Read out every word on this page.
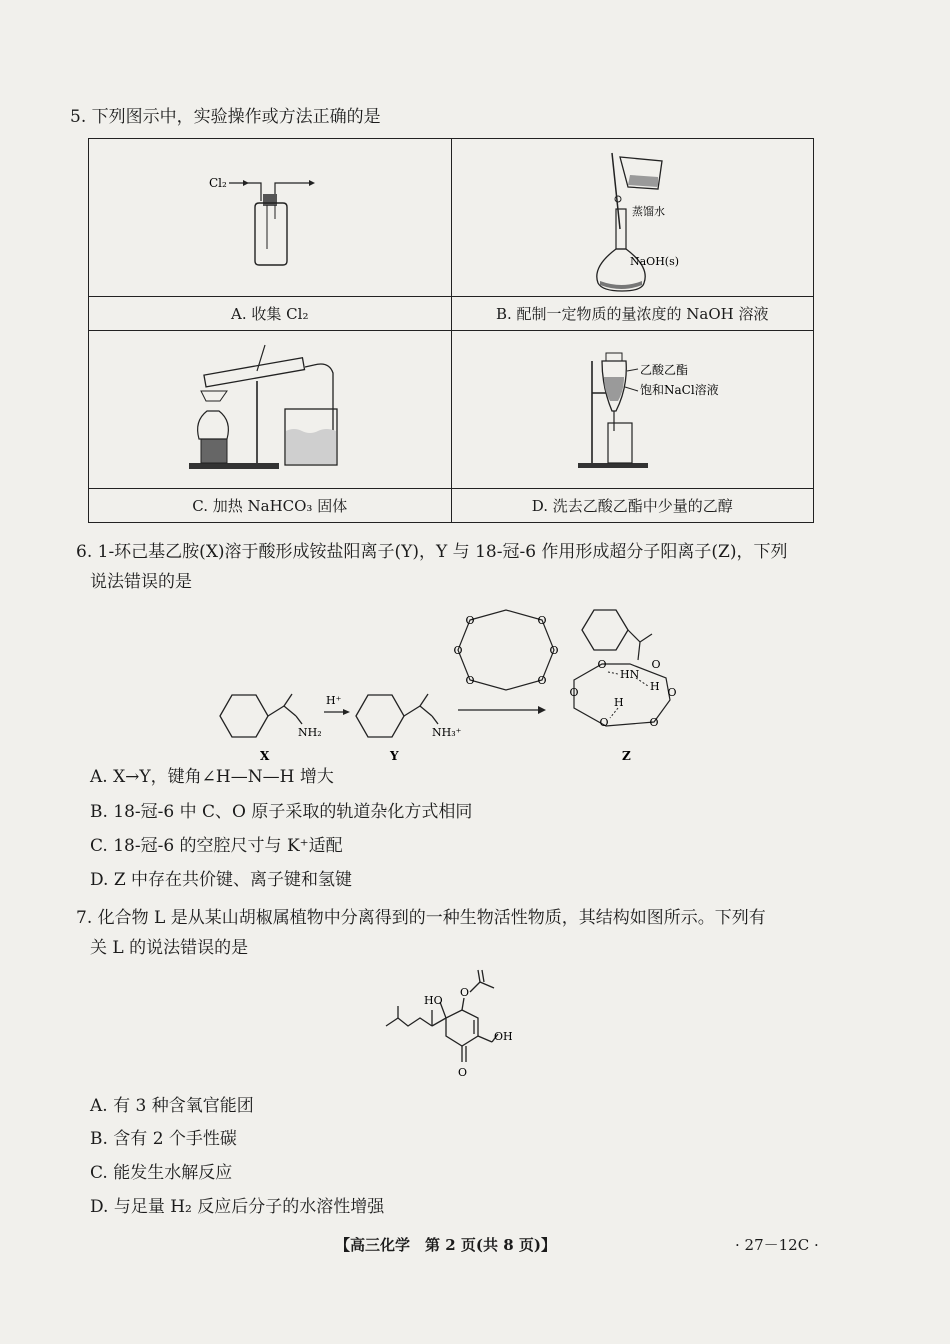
5. 下列图示中，实验操作或方法正确的是
Cl₂	蒸馏水
NaOH(s)

A. 收集 Cl₂	B. 配制一定物质的量浓度的 NaOH 溶液

乙酸乙酯
饱和NaCl溶液

C. 加热 NaHCO₃ 固体	D. 洗去乙酸乙酯中少量的乙醇
6. 1-环己基乙胺(X)溶于酸形成铵盐阳离子(Y)，Y 与 18-冠-6 作用形成超分子阳离子(Z)，下列
说法错误的是
NH₂
X
H⁺
NH₃⁺
Y
O	O
O
O
O
O
O	O
O
O
O
O
HN
H
H
Z
A. X→Y，键角∠H—N—H 增大
B. 18-冠-6 中 C、O 原子采取的轨道杂化方式相同
C. 18-冠-6 的空腔尺寸与 K⁺适配
D. Z 中存在共价键、离子键和氢键
7. 化合物 L 是从某山胡椒属植物中分离得到的一种生物活性物质，其结构如图所示。下列有
关 L 的说法错误的是
HO
O
OH
O
A. 有 3 种含氧官能团
B. 含有 2 个手性碳
C. 能发生水解反应
D. 与足量 H₂ 反应后分子的水溶性增强
【高三化学　第 2 页(共 8 页)】	· 27－12C ·
